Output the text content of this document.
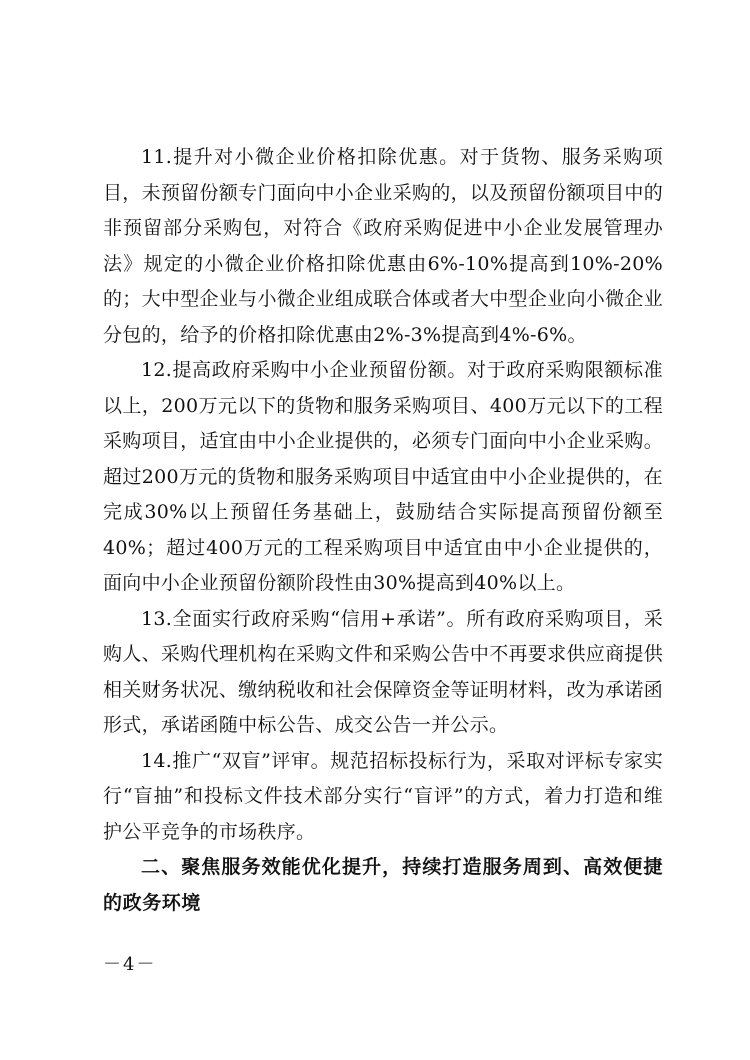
11.提升对小微企业价格扣除优惠。对于货物、服务采购项目，未预留份额专门面向中小企业采购的，以及预留份额项目中的非预留部分采购包，对符合《政府采购促进中小企业发展管理办法》规定的小微企业价格扣除优惠由6%-10%提高到10%-20%的；大中型企业与小微企业组成联合体或者大中型企业向小微企业分包的，给予的价格扣除优惠由2%-3%提高到4%-6%。

12.提高政府采购中小企业预留份额。对于政府采购限额标准以上，200万元以下的货物和服务采购项目、400万元以下的工程采购项目，适宜由中小企业提供的，必须专门面向中小企业采购。超过200万元的货物和服务采购项目中适宜由中小企业提供的，在完成30%以上预留任务基础上，鼓励结合实际提高预留份额至40%；超过400万元的工程采购项目中适宜由中小企业提供的，面向中小企业预留份额阶段性由30%提高到40%以上。

13.全面实行政府采购“信用+承诺”。所有政府采购项目，采购人、采购代理机构在采购文件和采购公告中不再要求供应商提供相关财务状况、缴纳税收和社会保障资金等证明材料，改为承诺函形式，承诺函随中标公告、成交公告一并公示。

14.推广“双盲”评审。规范招标投标行为，采取对评标专家实行“盲抽”和投标文件技术部分实行“盲评”的方式，着力打造和维护公平竞争的市场秩序。

二、聚焦服务效能优化提升，持续打造服务周到、高效便捷的政务环境

－4－
